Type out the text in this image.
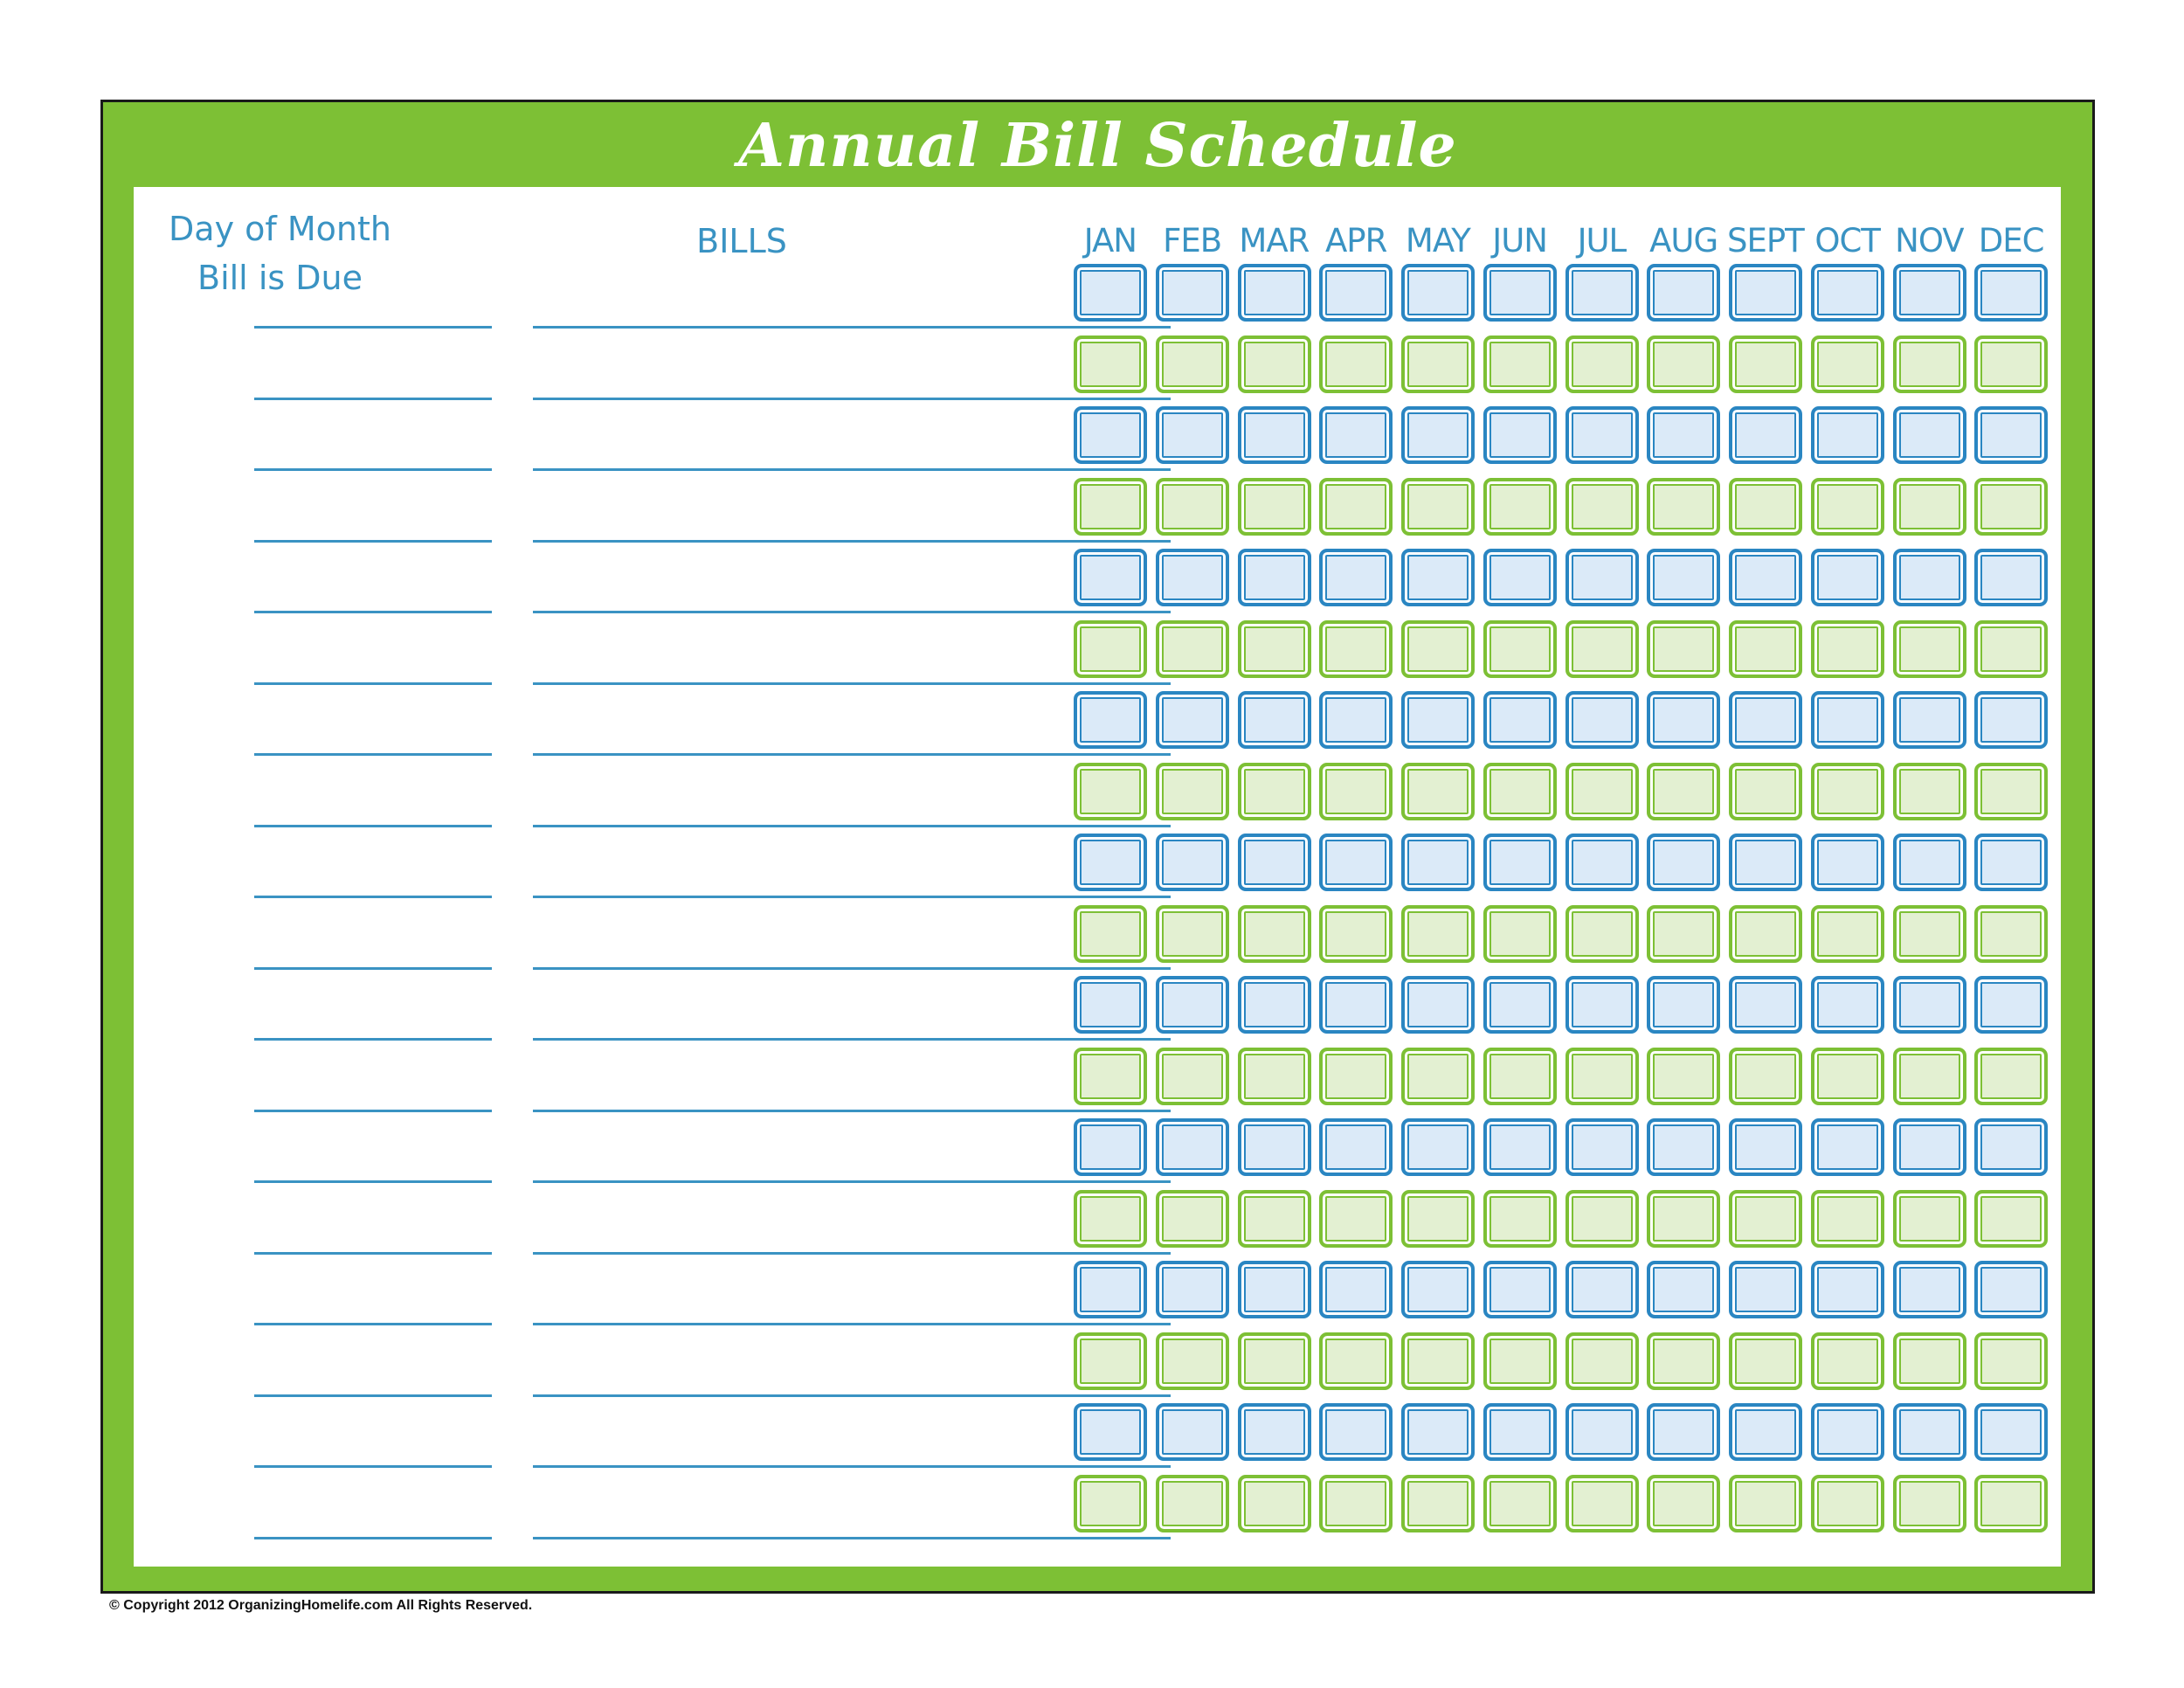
Annual Bill Schedule
Day of Month
Bill is Due
BILLS	JAN FEB MAR APR MAY JUN JUL AUG SEPT OCT NOV DEC
© Copyright 2012 OrganizingHomelife.com All Rights Reserved.
